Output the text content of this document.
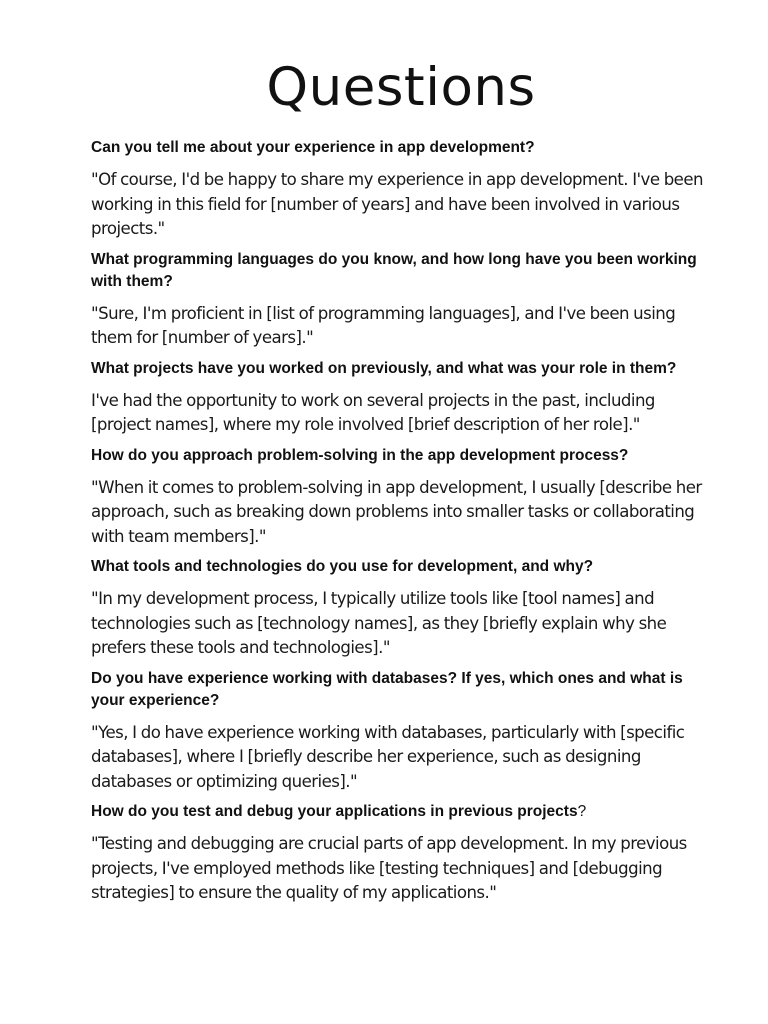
Questions

Can you tell me about your experience in app development?

"Of course, I'd be happy to share my experience in app development. I've been working in this field for [number of years] and have been involved in various projects."

What programming languages do you know, and how long have you been working with them?

"Sure, I'm proficient in [list of programming languages], and I've been using them for [number of years]."

What projects have you worked on previously, and what was your role in them?

I've had the opportunity to work on several projects in the past, including [project names], where my role involved [brief description of her role]."

How do you approach problem-solving in the app development process?

"When it comes to problem-solving in app development, I usually [describe her approach, such as breaking down problems into smaller tasks or collaborating with team members]."

What tools and technologies do you use for development, and why?

"In my development process, I typically utilize tools like [tool names] and technologies such as [technology names], as they [briefly explain why she prefers these tools and technologies]."

Do you have experience working with databases? If yes, which ones and what is your experience?

"Yes, I do have experience working with databases, particularly with [specific databases], where I [briefly describe her experience, such as designing databases or optimizing queries]."

How do you test and debug your applications in previous projects?

"Testing and debugging are crucial parts of app development. In my previous projects, I've employed methods like [testing techniques] and [debugging strategies] to ensure the quality of my applications."
